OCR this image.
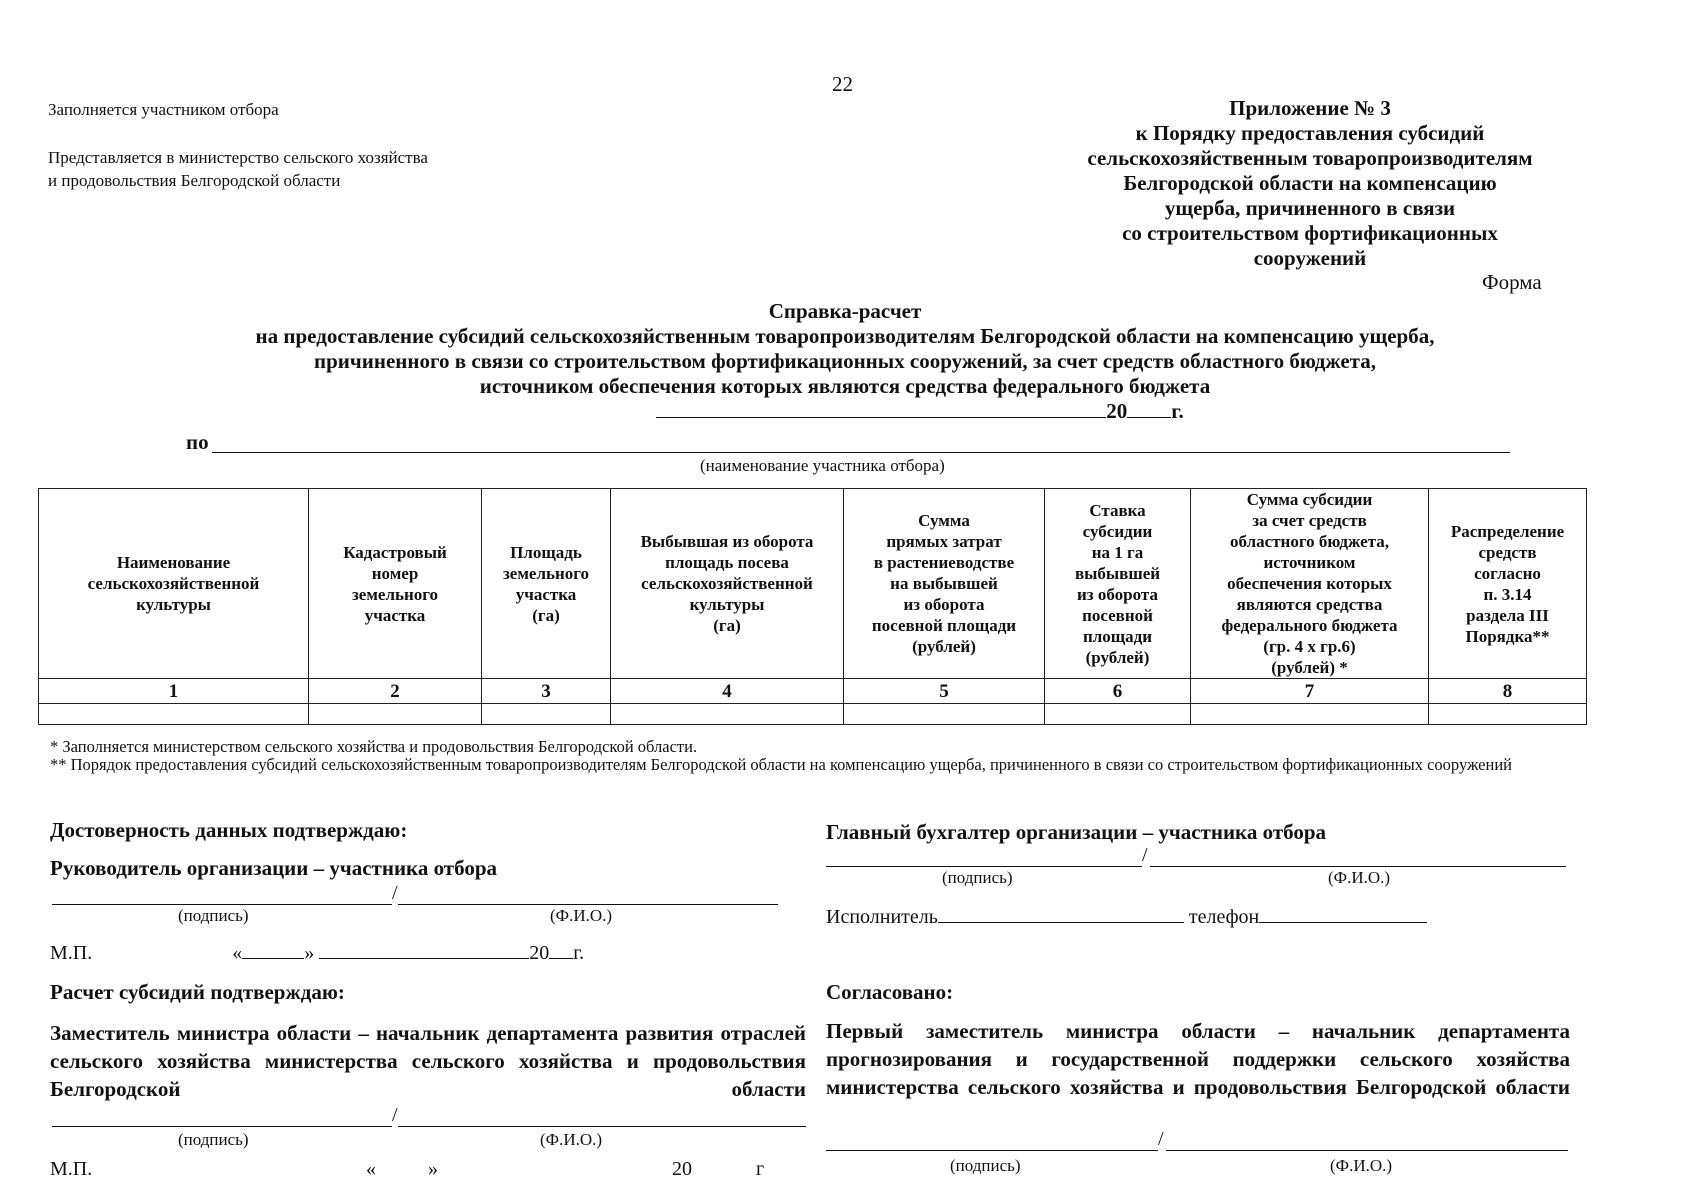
22
Заполняется участником отбора
Представляется в министерство сельского хозяйства
и продовольствия Белгородской области
Приложение № 3
к Порядку предоставления субсидий
сельскохозяйственным товаропроизводителям
Белгородской области на компенсацию
ущерба, причиненного в связи
со строительством фортификационных
сооружений
Форма
Справка-расчет
на предоставление субсидий сельскохозяйственным товаропроизводителям Белгородской области на компенсацию ущерба,
причиненного в связи со строительством фортификационных сооружений, за счет средств областного бюджета,
источником обеспечения которых являются средства федерального бюджета
20 г.
по
(наименование участника отбора)
Наименование
сельскохозяйственной
культуры

Кадастровый
номер
земельного
участка

Площадь
земельного
участка
(га)

Выбывшая из оборота
площадь посева
сельскохозяйственной
культуры
(га)

Сумма
прямых затрат
в растениеводстве
на выбывшей
из оборота
посевной площади
(рублей)

Ставка
субсидии
на 1 га
выбывшей
из оборота
посевной
площади
(рублей)

Сумма субсидии
за счет средств
областного бюджета,
источником
обеспечения которых
являются средства
федерального бюджета
(гр. 4 х гр.6)
(рублей) *

Распределение
средств
согласно
п. 3.14
раздела III
Порядка**

1	2	3	4	5	6	7	8

* Заполняется министерством сельского хозяйства и продовольствия Белгородской области.
** Порядок предоставления субсидий сельскохозяйственным товаропроизводителям Белгородской области на компенсацию ущерба, причиненного в связи со строительством фортификационных сооружений
Достоверность данных подтверждаю:
Руководитель организации – участника отбора
/
(подпись)	(Ф.И.О.)
М.П.	«	»	20 г.
Расчет субсидий подтверждаю:
Заместитель министра области – начальник департамента развития отраслей сельского хозяйства министерства сельского хозяйства и продовольствия Белгородской области
/
(подпись)	(Ф.И.О.)
М.П.	«	»	20	г
Главный бухгалтер организации – участника отбора
/
(подпись)	(Ф.И.О.)
Исполнитель	телефон
Согласовано:
Первый заместитель министра области – начальник департамента прогнозирования и государственной поддержки сельского хозяйства министерства сельского хозяйства и продовольствия Белгородской области
/
(подпись)	(Ф.И.О.)
